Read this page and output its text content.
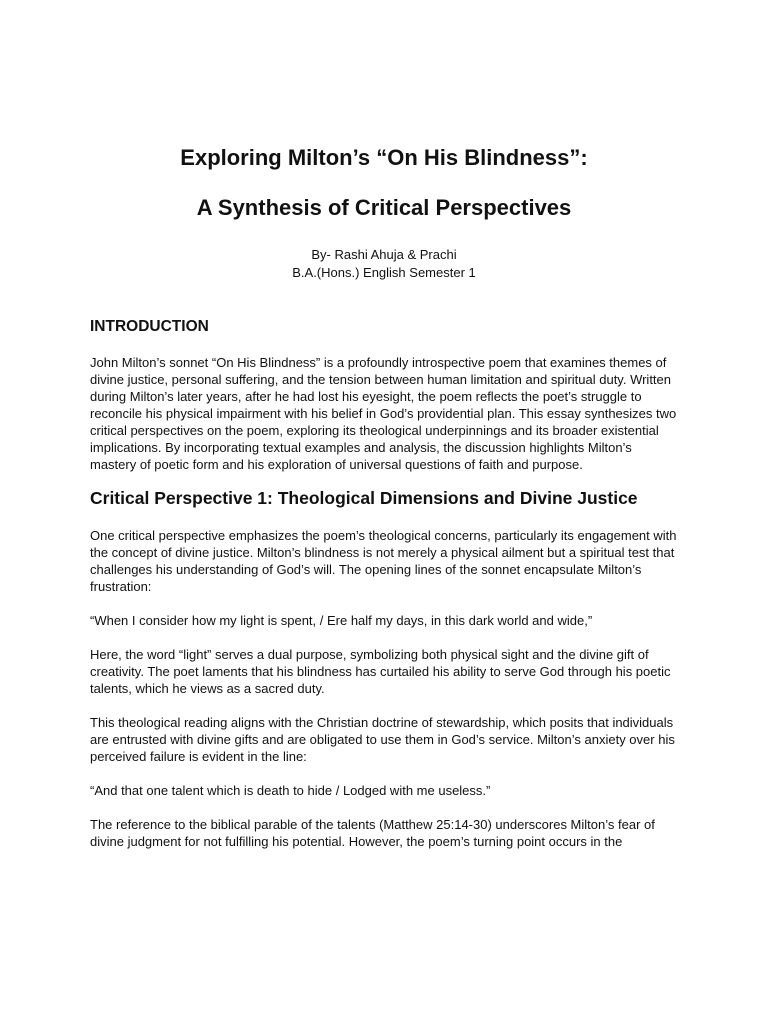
Exploring Milton’s “On His Blindness”:
A Synthesis of Critical Perspectives
By- Rashi Ahuja & Prachi
B.A.(Hons.) English Semester 1
INTRODUCTION

John Milton’s sonnet “On His Blindness” is a profoundly introspective poem that examines themes of divine justice, personal suffering, and the tension between human limitation and spiritual duty. Written during Milton’s later years, after he had lost his eyesight, the poem reflects the poet’s struggle to reconcile his physical impairment with his belief in God’s providential plan. This essay synthesizes two critical perspectives on the poem, exploring its theological underpinnings and its broader existential implications. By incorporating textual examples and analysis, the discussion highlights Milton’s mastery of poetic form and his exploration of universal questions of faith and purpose.

Critical Perspective 1: Theological Dimensions and Divine Justice

One critical perspective emphasizes the poem’s theological concerns, particularly its engagement with the concept of divine justice. Milton’s blindness is not merely a physical ailment but a spiritual test that challenges his understanding of God’s will. The opening lines of the sonnet encapsulate Milton’s frustration:

“When I consider how my light is spent, / Ere half my days, in this dark world and wide,”

Here, the word “light” serves a dual purpose, symbolizing both physical sight and the divine gift of creativity. The poet laments that his blindness has curtailed his ability to serve God through his poetic talents, which he views as a sacred duty.

This theological reading aligns with the Christian doctrine of stewardship, which posits that individuals are entrusted with divine gifts and are obligated to use them in God’s service. Milton’s anxiety over his perceived failure is evident in the line:

“And that one talent which is death to hide / Lodged with me useless.”

The reference to the biblical parable of the talents (Matthew 25:14-30) underscores Milton’s fear of divine judgment for not fulfilling his potential. However, the poem’s turning point occurs in the
